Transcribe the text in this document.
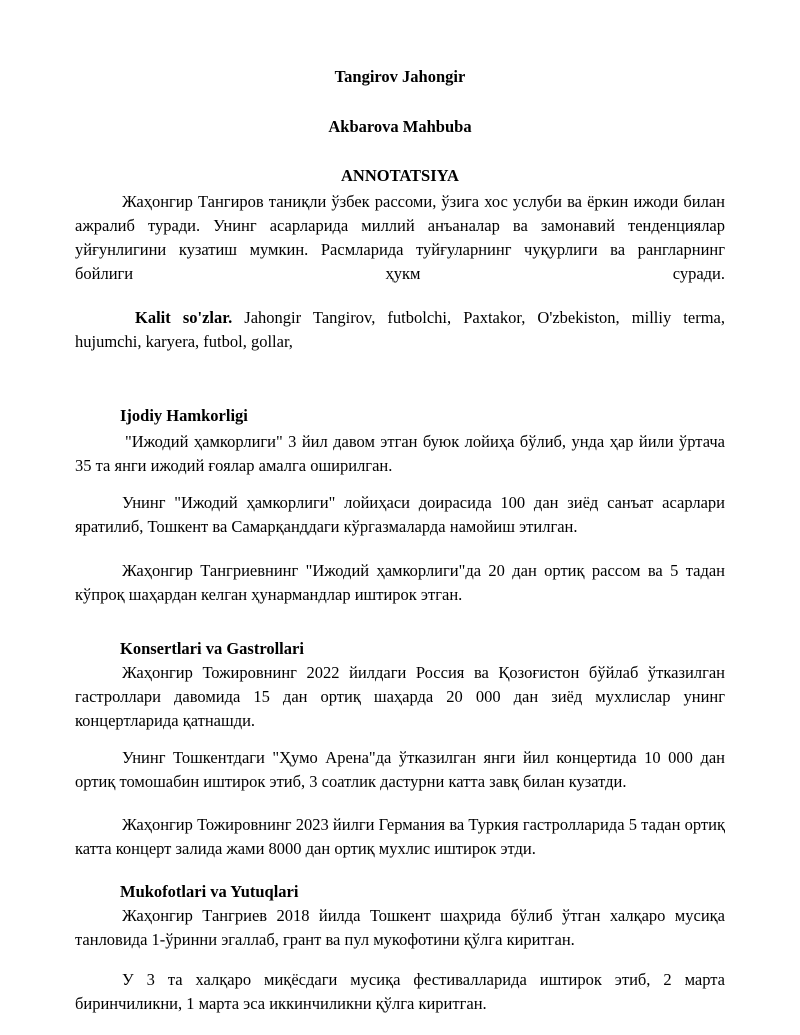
Tangirov Jahongir
Akbarova Mahbuba
ANNOTATSIYA

Жаҳонгир Тангиров таниқли ўзбек рассоми, ўзига хос услуби ва ёркин ижоди билан ажралиб туради. Унинг асарларида миллий анъаналар ва замонавий тенденциялар уйғунлигини кузатиш мумкин. Расмларида туйғуларнинг чуқурлиги ва рангларнинг бойлиги ҳукм суради.

Kalit so'zlar. Jahongir Tangirov, futbolchi, Paxtakor, O'zbekiston, milliy terma, hujumchi, karyera, futbol, gollar,

Ijodiy Hamkorligi

"Ижодий ҳамкорлиги" 3 йил давом этган буюк лойиҳа бўлиб, унда ҳар йили ўртача 35 та янги ижодий ғоялар амалга оширилган.

Унинг "Ижодий ҳамкорлиги" лойиҳаси доирасида 100 дан зиёд санъат асарлари яратилиб, Тошкент ва Самарқанддаги кўргазмаларда намойиш этилган.

Жаҳонгир Тангриевнинг "Ижодий ҳамкорлиги"да 20 дан ортиқ рассом ва 5 тадан кўпроқ шаҳардан келган ҳунармандлар иштирок этган.

Konsertlari va Gastrollari

Жаҳонгир Тожировнинг 2022 йилдаги Россия ва Қозоғистон бўйлаб ўтказилган гастроллари давомида 15 дан ортиқ шаҳарда 20 000 дан зиёд мухлислар унинг концертларида қатнашди.

Унинг Тошкентдаги "Ҳумо Арена"да ўтказилган янги йил концертида 10 000 дан ортиқ томошабин иштирок этиб, 3 соатлик дастурни катта завқ билан кузатди.

Жаҳонгир Тожировнинг 2023 йилги Германия ва Туркия гастролларида 5 тадан ортиқ катта концерт залида жами 8000 дан ортиқ мухлис иштирок этди.

Mukofotlari va Yutuqlari

Жаҳонгир Тангриев 2018 йилда Тошкент шаҳрида бўлиб ўтган халқаро мусиқа танловида 1-ўринни эгаллаб, грант ва пул мукофотини қўлга киритган.

У 3 та халқаро миқёсдаги мусиқа фестивалларида иштирок этиб, 2 марта биринчиликни, 1 марта эса иккинчиликни қўлга киритган.
